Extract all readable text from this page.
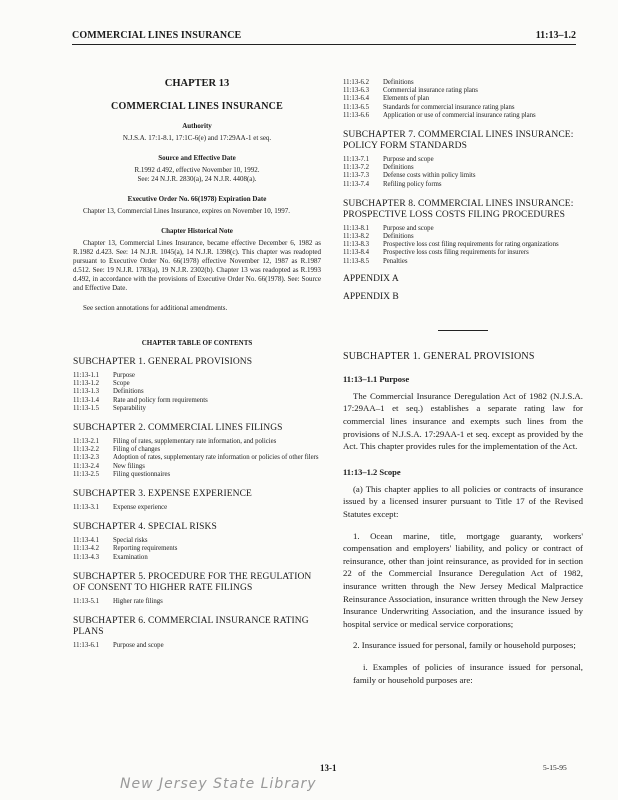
COMMERCIAL LINES INSURANCE	11:13–1.2
CHAPTER 13
COMMERCIAL LINES INSURANCE
Authority
N.J.S.A. 17:1-8.1, 17:1C-6(e) and 17:29AA-1 et seq.
Source and Effective Date
R.1992 d.492, effective November 10, 1992.
See: 24 N.J.R. 2830(a), 24 N.J.R. 4408(a).
Executive Order No. 66(1978) Expiration Date
Chapter 13, Commercial Lines Insurance, expires on November 10, 1997.
Chapter Historical Note
Chapter 13, Commercial Lines Insurance, became effective December 6, 1982 as R.1982 d.423. See: 14 N.J.R. 1045(a), 14 N.J.R. 1398(c). This chapter was readopted pursuant to Executive Order No. 66(1978) effective November 12, 1987 as R.1987 d.512. See: 19 N.J.R. 1783(a), 19 N.J.R. 2302(b). Chapter 13 was readopted as R.1993 d.492, in accordance with the provisions of Executive Order No. 66(1978). See: Source and Effective Date.
See section annotations for additional amendments.
CHAPTER TABLE OF CONTENTS
SUBCHAPTER 1. GENERAL PROVISIONS
11:13-1.1	Purpose
11:13-1.2	Scope
11:13-1.3	Definitions
11:13-1.4	Rate and policy form requirements
11:13-1.5	Separability
SUBCHAPTER 2. COMMERCIAL LINES FILINGS
11:13-2.1	Filing of rates, supplementary rate information, and policies
11:13-2.2	Filing of changes
11:13-2.3	Adoption of rates, supplementary rate information or policies of other filers
11:13-2.4	New filings
11:13-2.5	Filing questionnaires
SUBCHAPTER 3. EXPENSE EXPERIENCE
11:13-3.1	Expense experience
SUBCHAPTER 4. SPECIAL RISKS
11:13-4.1	Special risks
11:13-4.2	Reporting requirements
11:13-4.3	Examination
SUBCHAPTER 5. PROCEDURE FOR THE REGULATION OF CONSENT TO HIGHER RATE FILINGS
11:13-5.1	Higher rate filings
SUBCHAPTER 6. COMMERCIAL INSURANCE RATING PLANS
11:13-6.1	Purpose and scope
11:13-6.2	Definitions
11:13-6.3	Commercial insurance rating plans
11:13-6.4	Elements of plan
11:13-6.5	Standards for commercial insurance rating plans
11:13-6.6	Application or use of commercial insurance rating plans
SUBCHAPTER 7. COMMERCIAL LINES INSURANCE: POLICY FORM STANDARDS
11:13-7.1	Purpose and scope
11:13-7.2	Definitions
11:13-7.3	Defense costs within policy limits
11:13-7.4	Refiling policy forms
SUBCHAPTER 8. COMMERCIAL LINES INSURANCE: PROSPECTIVE LOSS COSTS FILING PROCEDURES
11:13-8.1	Purpose and scope
11:13-8.2	Definitions
11:13-8.3	Prospective loss cost filing requirements for rating organizations
11:13-8.4	Prospective loss costs filing requirements for insurers
11:13-8.5	Penalties
APPENDIX A
APPENDIX B
SUBCHAPTER 1. GENERAL PROVISIONS
11:13–1.1 Purpose
The Commercial Insurance Deregulation Act of 1982 (N.J.S.A. 17:29AA–1 et seq.) establishes a separate rating law for commercial lines insurance and exempts such lines from the provisions of N.J.S.A. 17:29AA-1 et seq. except as provided by the Act. This chapter provides rules for the implementation of the Act.
11:13–1.2 Scope
(a) This chapter applies to all policies or contracts of insurance issued by a licensed insurer pursuant to Title 17 of the Revised Statutes except:
1. Ocean marine, title, mortgage guaranty, workers' compensation and employers' liability, and policy or contract of reinsurance, other than joint reinsurance, as provided for in section 22 of the Commercial Insurance Deregulation Act of 1982, insurance written through the New Jersey Medical Malpractice Reinsurance Association, insurance written through the New Jersey Insurance Underwriting Association, and the insurance issued by hospital service or medical service corporations;
2. Insurance issued for personal, family or household purposes;
i. Examples of policies of insurance issued for personal, family or household purposes are:
13-1	5-15-95
New Jersey State Library
